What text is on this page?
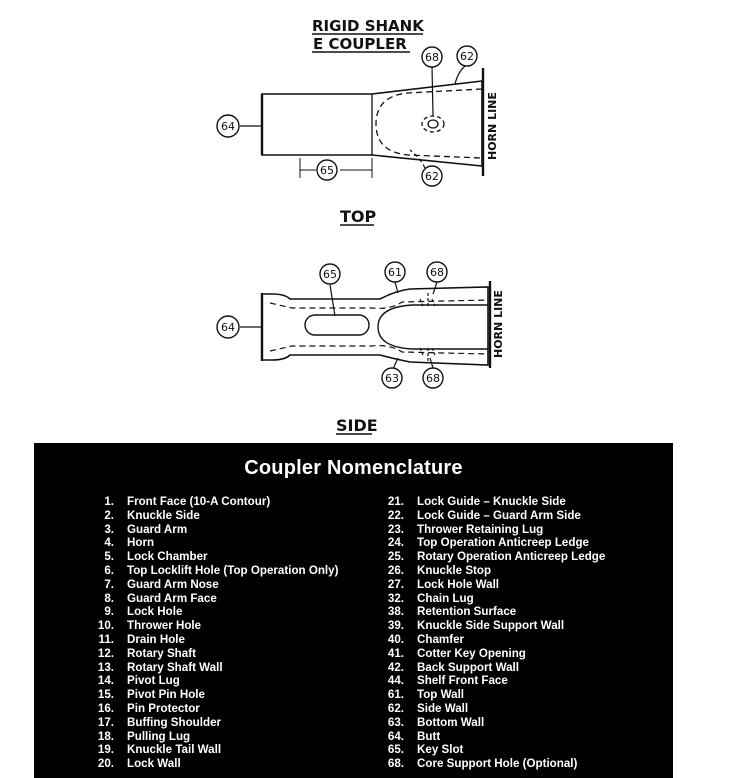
RIGID SHANK
E COUPLER
68 62
64
65	62
HORN LINE
TOP
65	61	68
64
63 68
HORN LINE
SIDE
Coupler Nomenclature
1. Front Face (10-A Contour)
2. Knuckle Side
3. Guard Arm
4. Horn
5. Lock Chamber
6. Top Locklift Hole (Top Operation Only)
7. Guard Arm Nose
8. Guard Arm Face
9. Lock Hole
10. Thrower Hole
11. Drain Hole
12. Rotary Shaft
13. Rotary Shaft Wall
14. Pivot Lug
15. Pivot Pin Hole
16. Pin Protector
17. Buffing Shoulder
18. Pulling Lug
19. Knuckle Tail Wall
20. Lock Wall
21. Lock Guide – Knuckle Side
22. Lock Guide – Guard Arm Side
23. Thrower Retaining Lug
24. Top Operation Anticreep Ledge
25. Rotary Operation Anticreep Ledge
26. Knuckle Stop
27. Lock Hole Wall
32. Chain Lug
38. Retention Surface
39. Knuckle Side Support Wall
40. Chamfer
41. Cotter Key Opening
42. Back Support Wall
44. Shelf Front Face
61. Top Wall
62. Side Wall
63. Bottom Wall
64. Butt
65. Key Slot
68. Core Support Hole (Optional)
